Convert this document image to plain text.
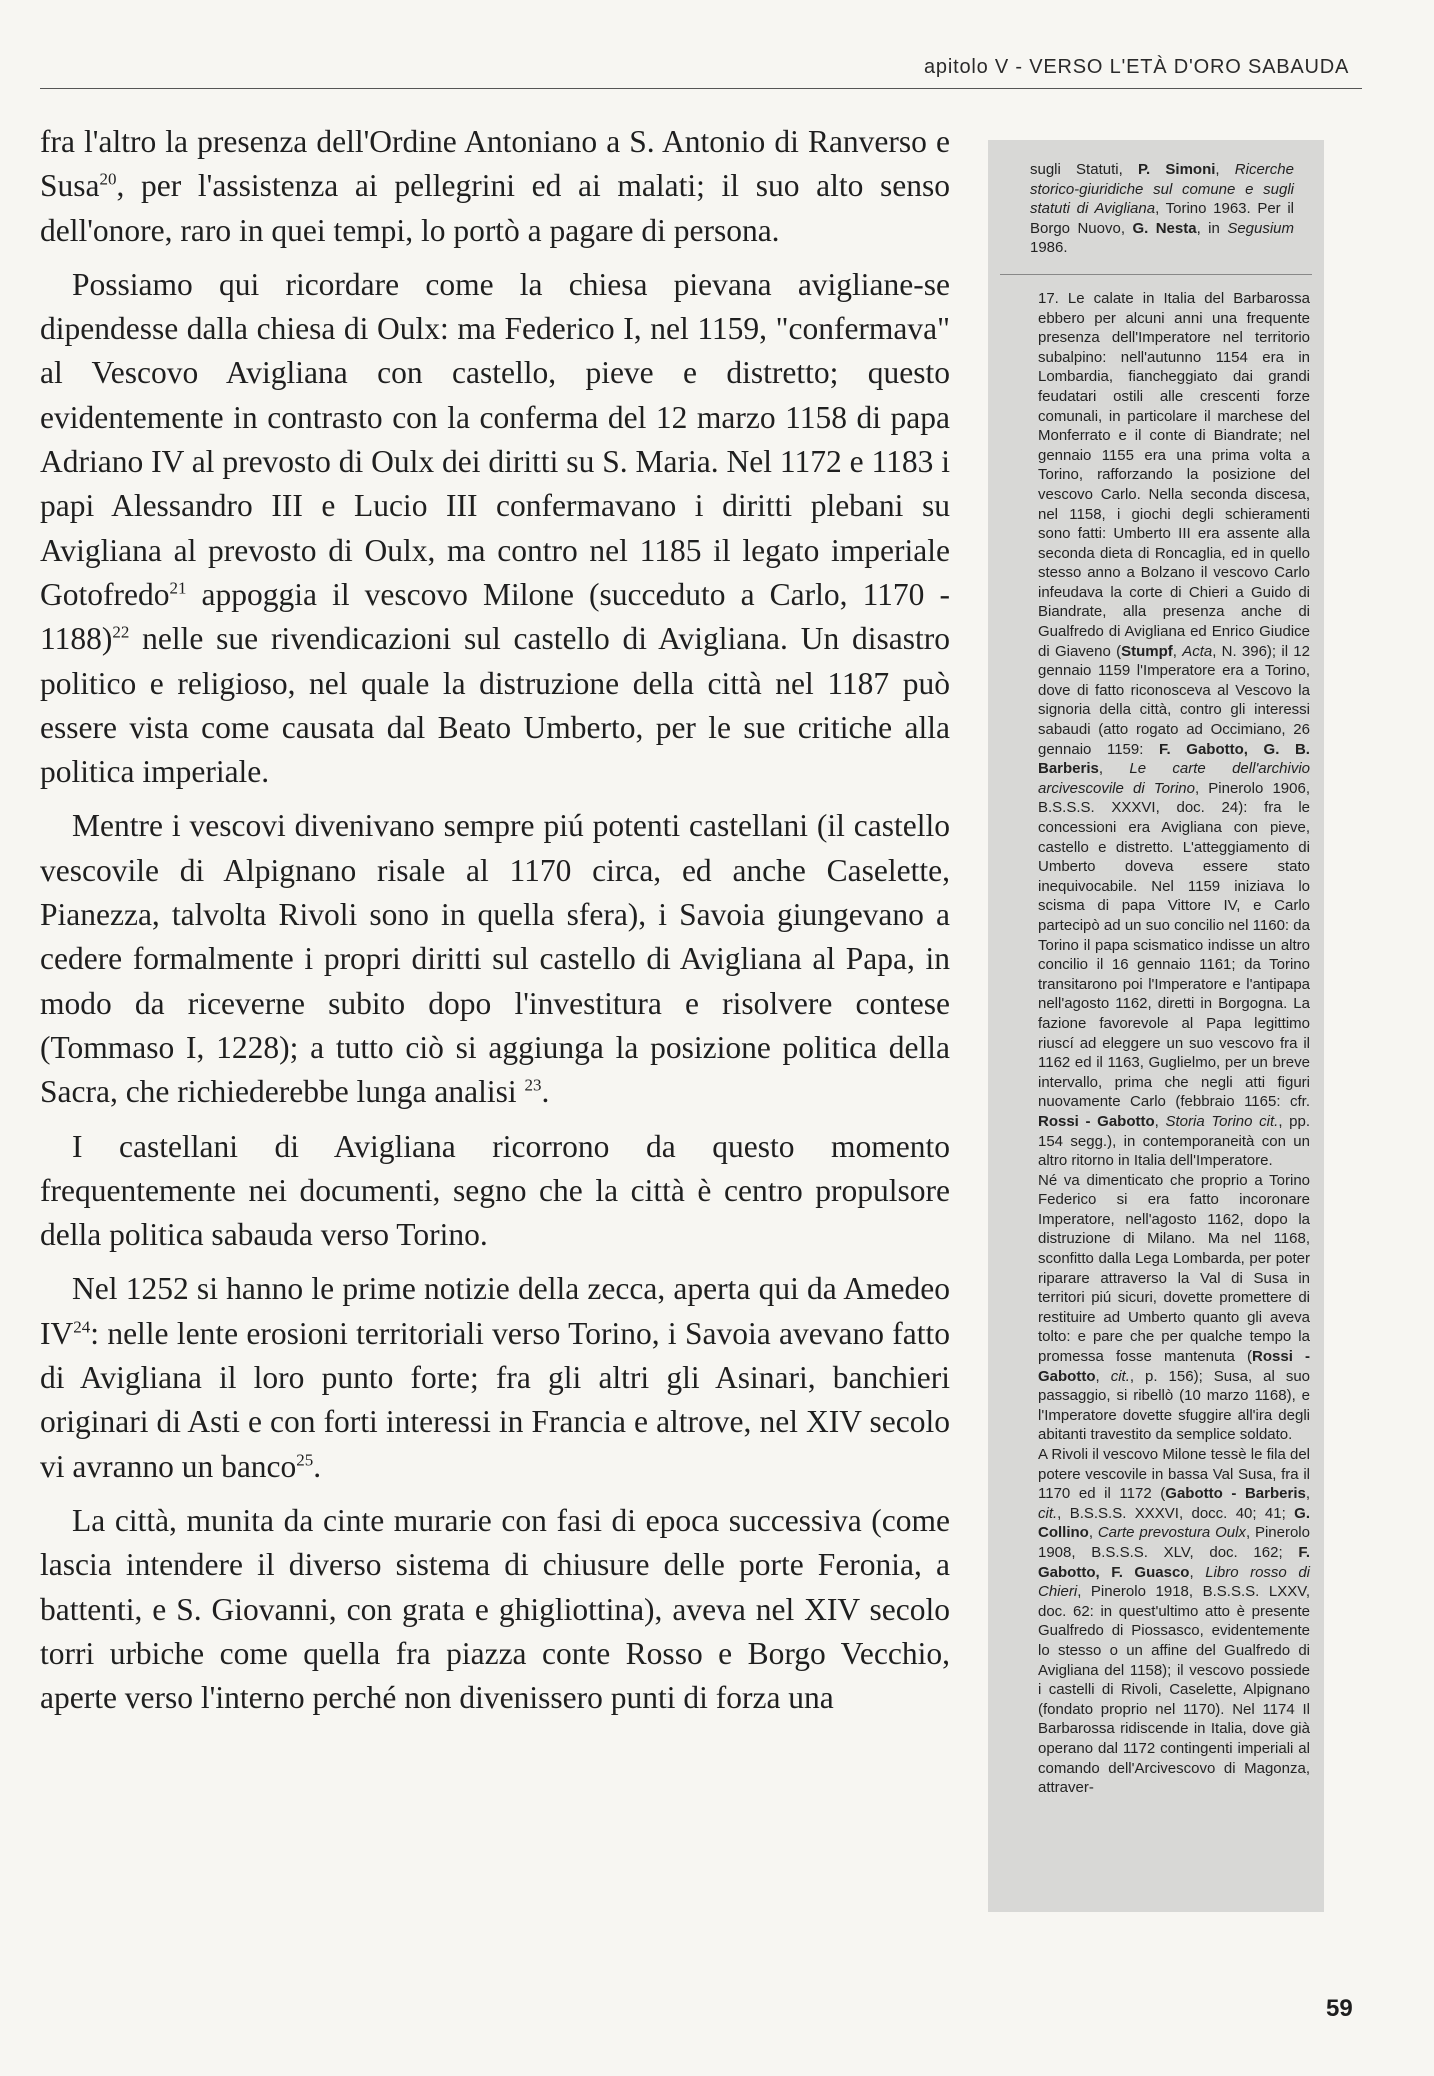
apitolo V - VERSO L'ETÀ D'ORO SABAUDA

fra l'altro la presenza dell'Ordine Antoniano a S. Antonio di Ranverso e Susa$^{20}$, per l'assistenza ai pellegrini ed ai malati; il suo alto senso dell'onore, raro in quei tempi, lo portò a pagare di persona.

Possiamo qui ricordare come la chiesa pievana avigliane-se dipendesse dalla chiesa di Oulx: ma Federico I, nel 1159, "confermava" al Vescovo Avigliana con castello, pieve e distretto; questo evidentemente in contrasto con la conferma del 12 marzo 1158 di papa Adriano IV al prevosto di Oulx dei diritti su S. Maria. Nel 1172 e 1183 i papi Alessandro III e Lucio III confermavano i diritti plebani su Avigliana al prevosto di Oulx, ma contro nel 1185 il legato imperiale Gotofredo$^{21}$ appoggia il vescovo Milone (succeduto a Carlo, 1170 - 1188)$^{22}$ nelle sue rivendicazioni sul castello di Avigliana. Un disastro politico e religioso, nel quale la distruzione della città nel 1187 può essere vista come causata dal Beato Umberto, per le sue critiche alla politica imperiale.

Mentre i vescovi divenivano sempre piú potenti castellani (il castello vescovile di Alpignano risale al 1170 circa, ed anche Caselette, Pianezza, talvolta Rivoli sono in quella sfera), i Savoia giungevano a cedere formalmente i propri diritti sul castello di Avigliana al Papa, in modo da riceverne subito dopo l'investitura e risolvere contese (Tommaso I, 1228); a tutto ciò si aggiunga la posizione politica della Sacra, che richiederebbe lunga analisi $^{23}$.

I castellani di Avigliana ricorrono da questo momento frequentemente nei documenti, segno che la città è centro propulsore della politica sabauda verso Torino.

Nel 1252 si hanno le prime notizie della zecca, aperta qui da Amedeo IV$^{24}$: nelle lente erosioni territoriali verso Torino, i Savoia avevano fatto di Avigliana il loro punto forte; fra gli altri gli Asinari, banchieri originari di Asti e con forti interessi in Francia e altrove, nel XIV secolo vi avranno un banco$^{25}$.

La città, munita da cinte murarie con fasi di epoca successiva (come lascia intendere il diverso sistema di chiusure delle porte Feronia, a battenti, e S. Giovanni, con grata e ghigliottina), aveva nel XIV secolo torri urbiche come quella fra piazza conte Rosso e Borgo Vecchio, aperte verso l'interno perché non divenissero punti di forza una

sugli Statuti, P. Simoni, Ricerche storico-giuridiche sul comune e sugli statuti di Avigliana, Torino 1963. Per il Borgo Nuovo, G. Nesta, in Segusium 1986.

17. Le calate in Italia del Barbarossa ebbero per alcuni anni una frequente presenza dell'Imperatore nel territorio subalpino: nell'autunno 1154 era in Lombardia, fiancheggiato dai grandi feudatari ostili alle crescenti forze comunali, in particolare il marchese del Monferrato e il conte di Biandrate; nel gennaio 1155 era una prima volta a Torino, rafforzando la posizione del vescovo Carlo. Nella seconda discesa, nel 1158, i giochi degli schieramenti sono fatti: Umberto III era assente alla seconda dieta di Roncaglia, ed in quello stesso anno a Bolzano il vescovo Carlo infeudava la corte di Chieri a Guido di Biandrate, alla presenza anche di Gualfredo di Avigliana ed Enrico Giudice di Giaveno (Stumpf, Acta, N. 396); il 12 gennaio 1159 l'Imperatore era a Torino, dove di fatto riconosceva al Vescovo la signoria della città, contro gli interessi sabaudi (atto rogato ad Occimiano, 26 gennaio 1159: F. Gabotto, G. B. Barberis, Le carte dell'archivio arcivescovile di Torino, Pinerolo 1906, B.S.S.S. XXXVI, doc. 24): fra le concessioni era Avigliana con pieve, castello e distretto. L'atteggiamento di Umberto doveva essere stato inequivocabile. Nel 1159 iniziava lo scisma di papa Vittore IV, e Carlo partecipò ad un suo concilio nel 1160: da Torino il papa scismatico indisse un altro concilio il 16 gennaio 1161; da Torino transitarono poi l'Imperatore e l'antipapa nell'agosto 1162, diretti in Borgogna. La fazione favorevole al Papa legittimo riuscí ad eleggere un suo vescovo fra il 1162 ed il 1163, Guglielmo, per un breve intervallo, prima che negli atti figuri nuovamente Carlo (febbraio 1165: cfr. Rossi - Gabotto, Storia Torino cit., pp. 154 segg.), in contemporaneità con un altro ritorno in Italia dell'Imperatore.

Né va dimenticato che proprio a Torino Federico si era fatto incoronare Imperatore, nell'agosto 1162, dopo la distruzione di Milano. Ma nel 1168, sconfitto dalla Lega Lombarda, per poter ripararе attraverso la Val di Susa in territori piú sicuri, dovette promettere di restituire ad Umberto quanto gli aveva tolto: e pare che per qualche tempo la promessa fosse mantenuta (Rossi - Gabotto, cit., p. 156); Susa, al suo passaggio, si ribellò (10 marzo 1168), e l'Imperatore dovette sfuggire all'ira degli abitanti travestito da semplice soldato.

A Rivoli il vescovo Milone tessè le fila del potere vescovile in bassa Val Susa, fra il 1170 ed il 1172 (Gabotto - Barberis, cit., B.S.S.S. XXXVI, docc. 40; 41; G. Collino, Carte prevostura Oulx, Pinerolo 1908, B.S.S.S. XLV, doc. 162; F. Gabotto, F. Guasco, Libro rosso di Chieri, Pinerolo 1918, B.S.S.S. LXXV, doc. 62: in quest'ultimo atto è presente Gualfredo di Piossasco, evidentemente lo stesso o un affine del Gualfredo di Avigliana del 1158); il vescovo possiede i castelli di Rivoli, Caselette, Alpignano (fondato proprio nel 1170). Nel 1174 Il Barbarossa ridiscende in Italia, dove già operano dal 1172 contingenti imperiali al comando dell'Arcivescovo di Magonza, attraver-

59
